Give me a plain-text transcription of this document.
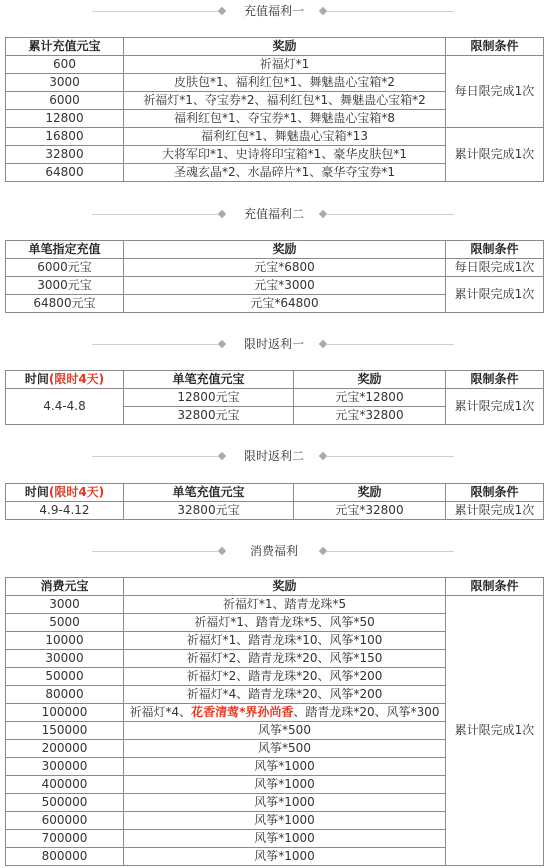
充值福利一
累计充值元宝	奖励	限制条件
600	祈福灯*1	每日限完成1次
3000	皮肤包*1、福利红包*1、舞魅蛊心宝箱*2	
6000	祈福灯*1、夺宝券*2、福利红包*1、舞魅蛊心宝箱*2	
12800	福利红包*1、夺宝券*1、舞魅蛊心宝箱*8	
16800	福利红包*1、舞魅蛊心宝箱*13	累计限完成1次
32800	大将军印*1、史诗将印宝箱*1、豪华皮肤包*1	
64800	圣魂玄晶*2、水晶碎片*1、豪华夺宝券*1	
充值福利二
单笔指定充值	奖励	限制条件
6000元宝	元宝*6800	每日限完成1次
3000元宝	元宝*3000	累计限完成1次
64800元宝	元宝*64800	
限时返利一
时间(限时4天)	单笔充值元宝	奖励	限制条件
4.4-4.8	12800元宝	元宝*12800	累计限完成1次
	32800元宝	元宝*32800	
限时返利二
时间(限时4天)	单笔充值元宝	奖励	限制条件
4.9-4.12	32800元宝	元宝*32800	累计限完成1次
消费福利
消费元宝	奖励	限制条件
3000	祈福灯*1、踏青龙珠*5	累计限完成1次
5000	祈福灯*1、踏青龙珠*5、风筝*50	
10000	祈福灯*1、踏青龙珠*10、风筝*100	
30000	祈福灯*2、踏青龙珠*20、风筝*150	
50000	祈福灯*2、踏青龙珠*20、风筝*200	
80000	祈福灯*4、踏青龙珠*20、风筝*200	
100000	祈福灯*4、花香清莺*界孙尚香、踏青龙珠*20、风筝*300	
150000	风筝*500	
200000	风筝*500	
300000	风筝*1000	
400000	风筝*1000	
500000	风筝*1000	
600000	风筝*1000	
700000	风筝*1000	
800000	风筝*1000	
